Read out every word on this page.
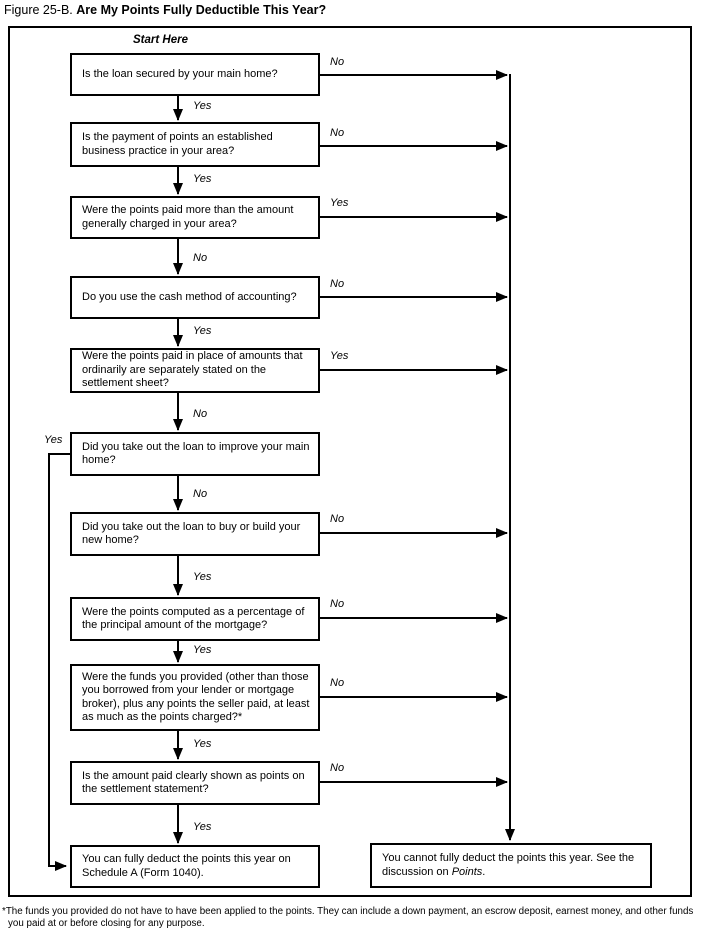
Figure 25-B. Are My Points Fully Deductible This Year?
Start Here
Is the loan secured by your main home?
Is the payment of points an established business practice in your area?
Were the points paid more than the amount generally charged in your area?
Do you use the cash method of accounting?
Were the points paid in place of amounts that ordinarily are separately stated on the settlement sheet?
Did you take out the loan to improve your main home?
Did you take out the loan to buy or build your new home?
Were the points computed as a percentage of the principal amount of the mortgage?
Were the funds you provided (other than those you borrowed from your lender or mortgage broker), plus any points the seller paid, at least as much as the points charged?*
Is the amount paid clearly shown as points on the settlement statement?
You can fully deduct the points this year on Schedule A (Form 1040).
You cannot fully deduct the points this year. See the
discussion on Points.
Yes
Yes
No
Yes
No
No
Yes
Yes
Yes
Yes
No
No
Yes
No
Yes
No
No
No
No
Yes
*The funds you provided do not have to have been applied to the points. They can include a down payment, an escrow deposit, earnest money, and other funds you paid at or before closing for any purpose.
